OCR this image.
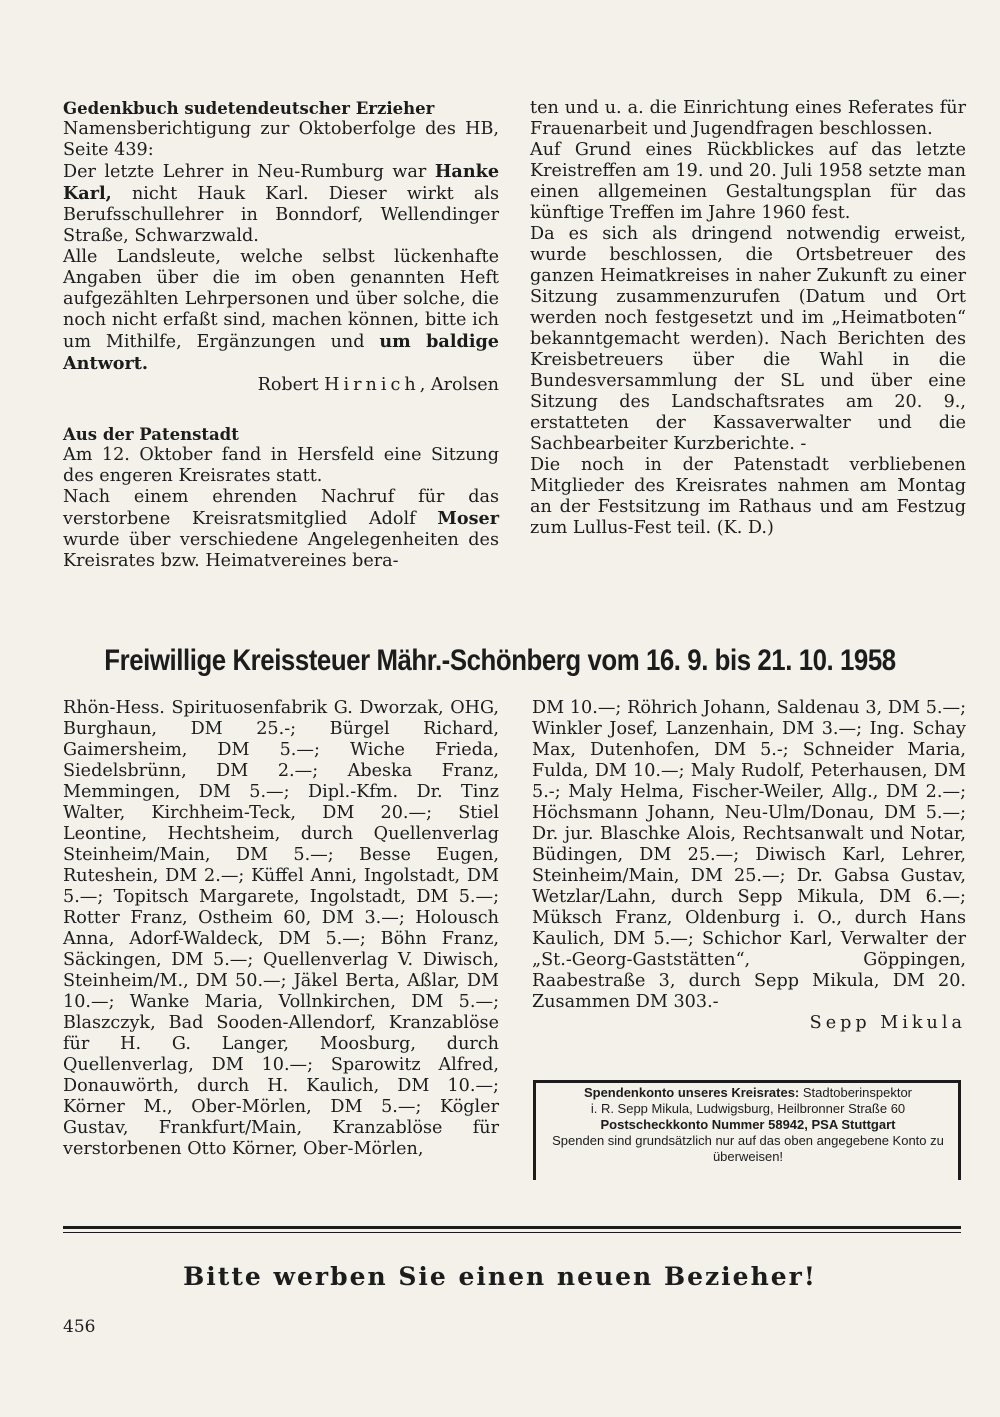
Gedenkbuch sudetendeutscher Erzieher

Namensberichtigung zur Oktoberfolge des HB, Seite 439:

Der letzte Lehrer in Neu-Rumburg war Hanke Karl, nicht Hauk Karl. Dieser wirkt als Berufsschullehrer in Bonndorf, Wellendinger Straße, Schwarzwald.

Alle Landsleute, welche selbst lückenhafte Angaben über die im oben genannten Heft aufgezählten Lehrpersonen und über solche, die noch nicht erfaßt sind, machen können, bitte ich um Mithilfe, Ergänzungen und um baldige Antwort.

Robert Hirnich, Arolsen

Aus der Patenstadt

Am 12. Oktober fand in Hersfeld eine Sitzung des engeren Kreisrates statt.

Nach einem ehrenden Nachruf für das verstorbene Kreisratsmitglied Adolf Moser wurde über verschiedene Angelegenheiten des Kreisrates bzw. Heimatvereines bera-

ten und u. a. die Einrichtung eines Referates für Frauenarbeit und Jugendfragen beschlossen.

Auf Grund eines Rückblickes auf das letzte Kreistreffen am 19. und 20. Juli 1958 setzte man einen allgemeinen Gestaltungsplan für das künftige Treffen im Jahre 1960 fest.

Da es sich als dringend notwendig erweist, wurde beschlossen, die Ortsbetreuer des ganzen Heimatkreises in naher Zukunft zu einer Sitzung zusammenzurufen (Datum und Ort werden noch festgesetzt und im „Heimatboten“ bekanntgemacht werden). Nach Berichten des Kreisbetreuers über die Wahl in die Bundesversammlung der SL und über eine Sitzung des Landschaftsrates am 20. 9., erstatteten der Kassaverwalter und die Sachbearbeiter Kurzberichte. -

Die noch in der Patenstadt verbliebenen Mitglieder des Kreisrates nahmen am Montag an der Festsitzung im Rathaus und am Festzug zum Lullus-Fest teil. (K. D.)

Freiwillige Kreissteuer Mähr.-Schönberg vom 16. 9. bis 21. 10. 1958

Rhön-Hess. Spirituosenfabrik G. Dworzak, OHG, Burghaun, DM 25.-; Bürgel Richard, Gaimersheim, DM 5.—; Wiche Frieda, Siedelsbrünn, DM 2.—; Abeska Franz, Memmingen, DM 5.—; Dipl.-Kfm. Dr. Tinz Walter, Kirchheim-Teck, DM 20.—; Stiel Leontine, Hechtsheim, durch Quellenverlag Steinheim/Main, DM 5.—; Besse Eugen, Ruteshein, DM 2.—; Küffel Anni, Ingolstadt, DM 5.—; Topitsch Margarete, Ingolstadt, DM 5.—; Rotter Franz, Ostheim 60, DM 3.—; Holousch Anna, Adorf-Waldeck, DM 5.—; Böhn Franz, Säckingen, DM 5.—; Quellenverlag V. Diwisch, Steinheim/M., DM 50.—; Jäkel Berta, Aßlar, DM 10.—; Wanke Maria, Vollnkirchen, DM 5.—; Blaszczyk, Bad Sooden-Allendorf, Kranzablöse für H. G. Langer, Moosburg, durch Quellenverlag, DM 10.—; Sparowitz Alfred, Donauwörth, durch H. Kaulich, DM 10.—; Körner M., Ober-Mörlen, DM 5.—; Kögler Gustav, Frankfurt/Main, Kranzablöse für verstorbenen Otto Körner, Ober-Mörlen,

DM 10.—; Röhrich Johann, Saldenau 3, DM 5.—; Winkler Josef, Lanzenhain, DM 3.—; Ing. Schay Max, Dutenhofen, DM 5.-; Schneider Maria, Fulda, DM 10.—; Maly Rudolf, Peterhausen, DM 5.-; Maly Helma, Fischer-Weiler, Allg., DM 2.—; Höchsmann Johann, Neu-Ulm/Donau, DM 5.—; Dr. jur. Blaschke Alois, Rechtsanwalt und Notar, Büdingen, DM 25.—; Diwisch Karl, Lehrer, Steinheim/Main, DM 25.—; Dr. Gabsa Gustav, Wetzlar/Lahn, durch Sepp Mikula, DM 6.—; Müksch Franz, Oldenburg i. O., durch Hans Kaulich, DM 5.—; Schichor Karl, Verwalter der „St.-Georg-Gaststätten“, Göppingen, Raabestraße 3, durch Sepp Mikula, DM 20. Zusammen DM 303.-

Sepp Mikula

Spendenkonto unseres Kreisrates: Stadtoberinspektor
i. R. Sepp Mikula, Ludwigsburg, Heilbronner Straße 60
Postscheckkonto Nummer 58942, PSA Stuttgart
Spenden sind grundsätzlich nur auf das oben angegebene Konto zu überweisen!
Bitte werben Sie einen neuen Bezieher!
456
